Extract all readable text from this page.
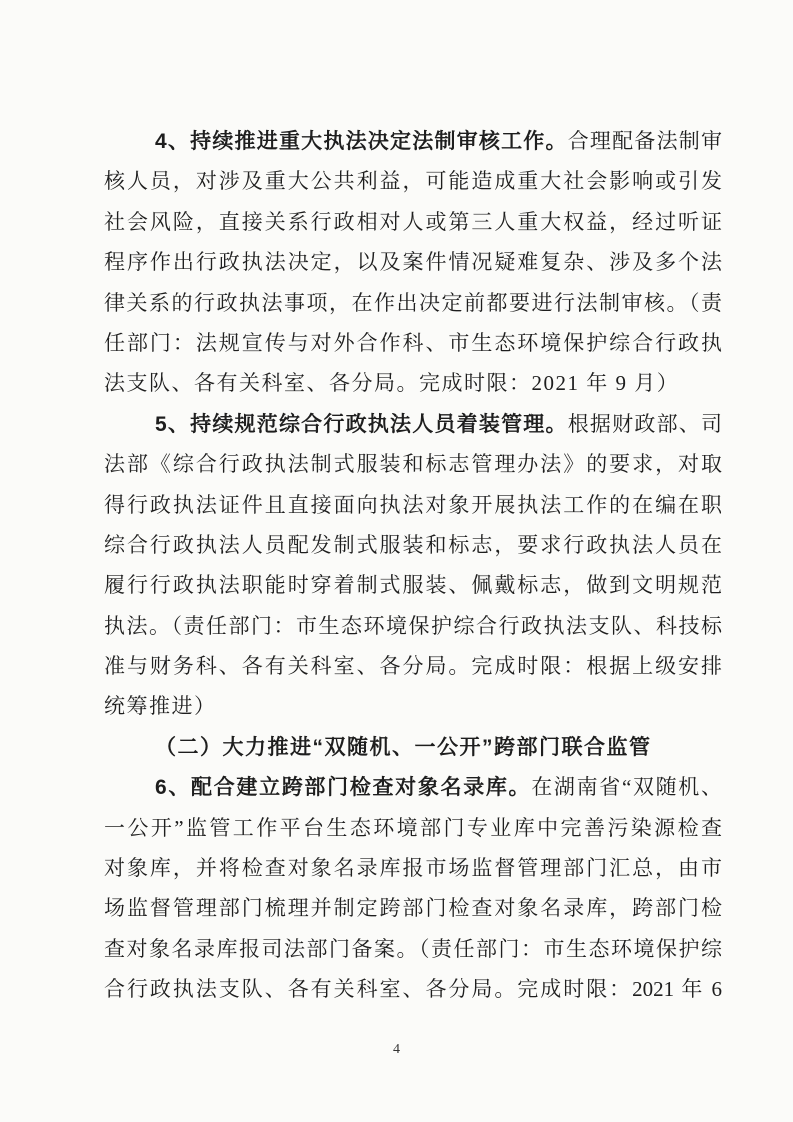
4、持续推进重大执法决定法制审核工作。合理配备法制审
核人员，对涉及重大公共利益，可能造成重大社会影响或引发
社会风险，直接关系行政相对人或第三人重大权益，经过听证
程序作出行政执法决定，以及案件情况疑难复杂、涉及多个法
律关系的行政执法事项，在作出决定前都要进行法制审核。（责
任部门：法规宣传与对外合作科、市生态环境保护综合行政执
法支队、各有关科室、各分局。完成时限：2021 年 9 月）
5、持续规范综合行政执法人员着装管理。根据财政部、司
法部《综合行政执法制式服装和标志管理办法》的要求，对取
得行政执法证件且直接面向执法对象开展执法工作的在编在职
综合行政执法人员配发制式服装和标志，要求行政执法人员在
履行行政执法职能时穿着制式服装、佩戴标志，做到文明规范
执法。（责任部门：市生态环境保护综合行政执法支队、科技标
准与财务科、各有关科室、各分局。完成时限：根据上级安排
统筹推进）
（二）大力推进“双随机、一公开”跨部门联合监管
6、配合建立跨部门检查对象名录库。在湖南省“双随机、
一公开”监管工作平台生态环境部门专业库中完善污染源检查
对象库，并将检查对象名录库报市场监督管理部门汇总，由市
场监督管理部门梳理并制定跨部门检查对象名录库，跨部门检
查对象名录库报司法部门备案。（责任部门：市生态环境保护综
合行政执法支队、各有关科室、各分局。完成时限：2021 年 6
4
